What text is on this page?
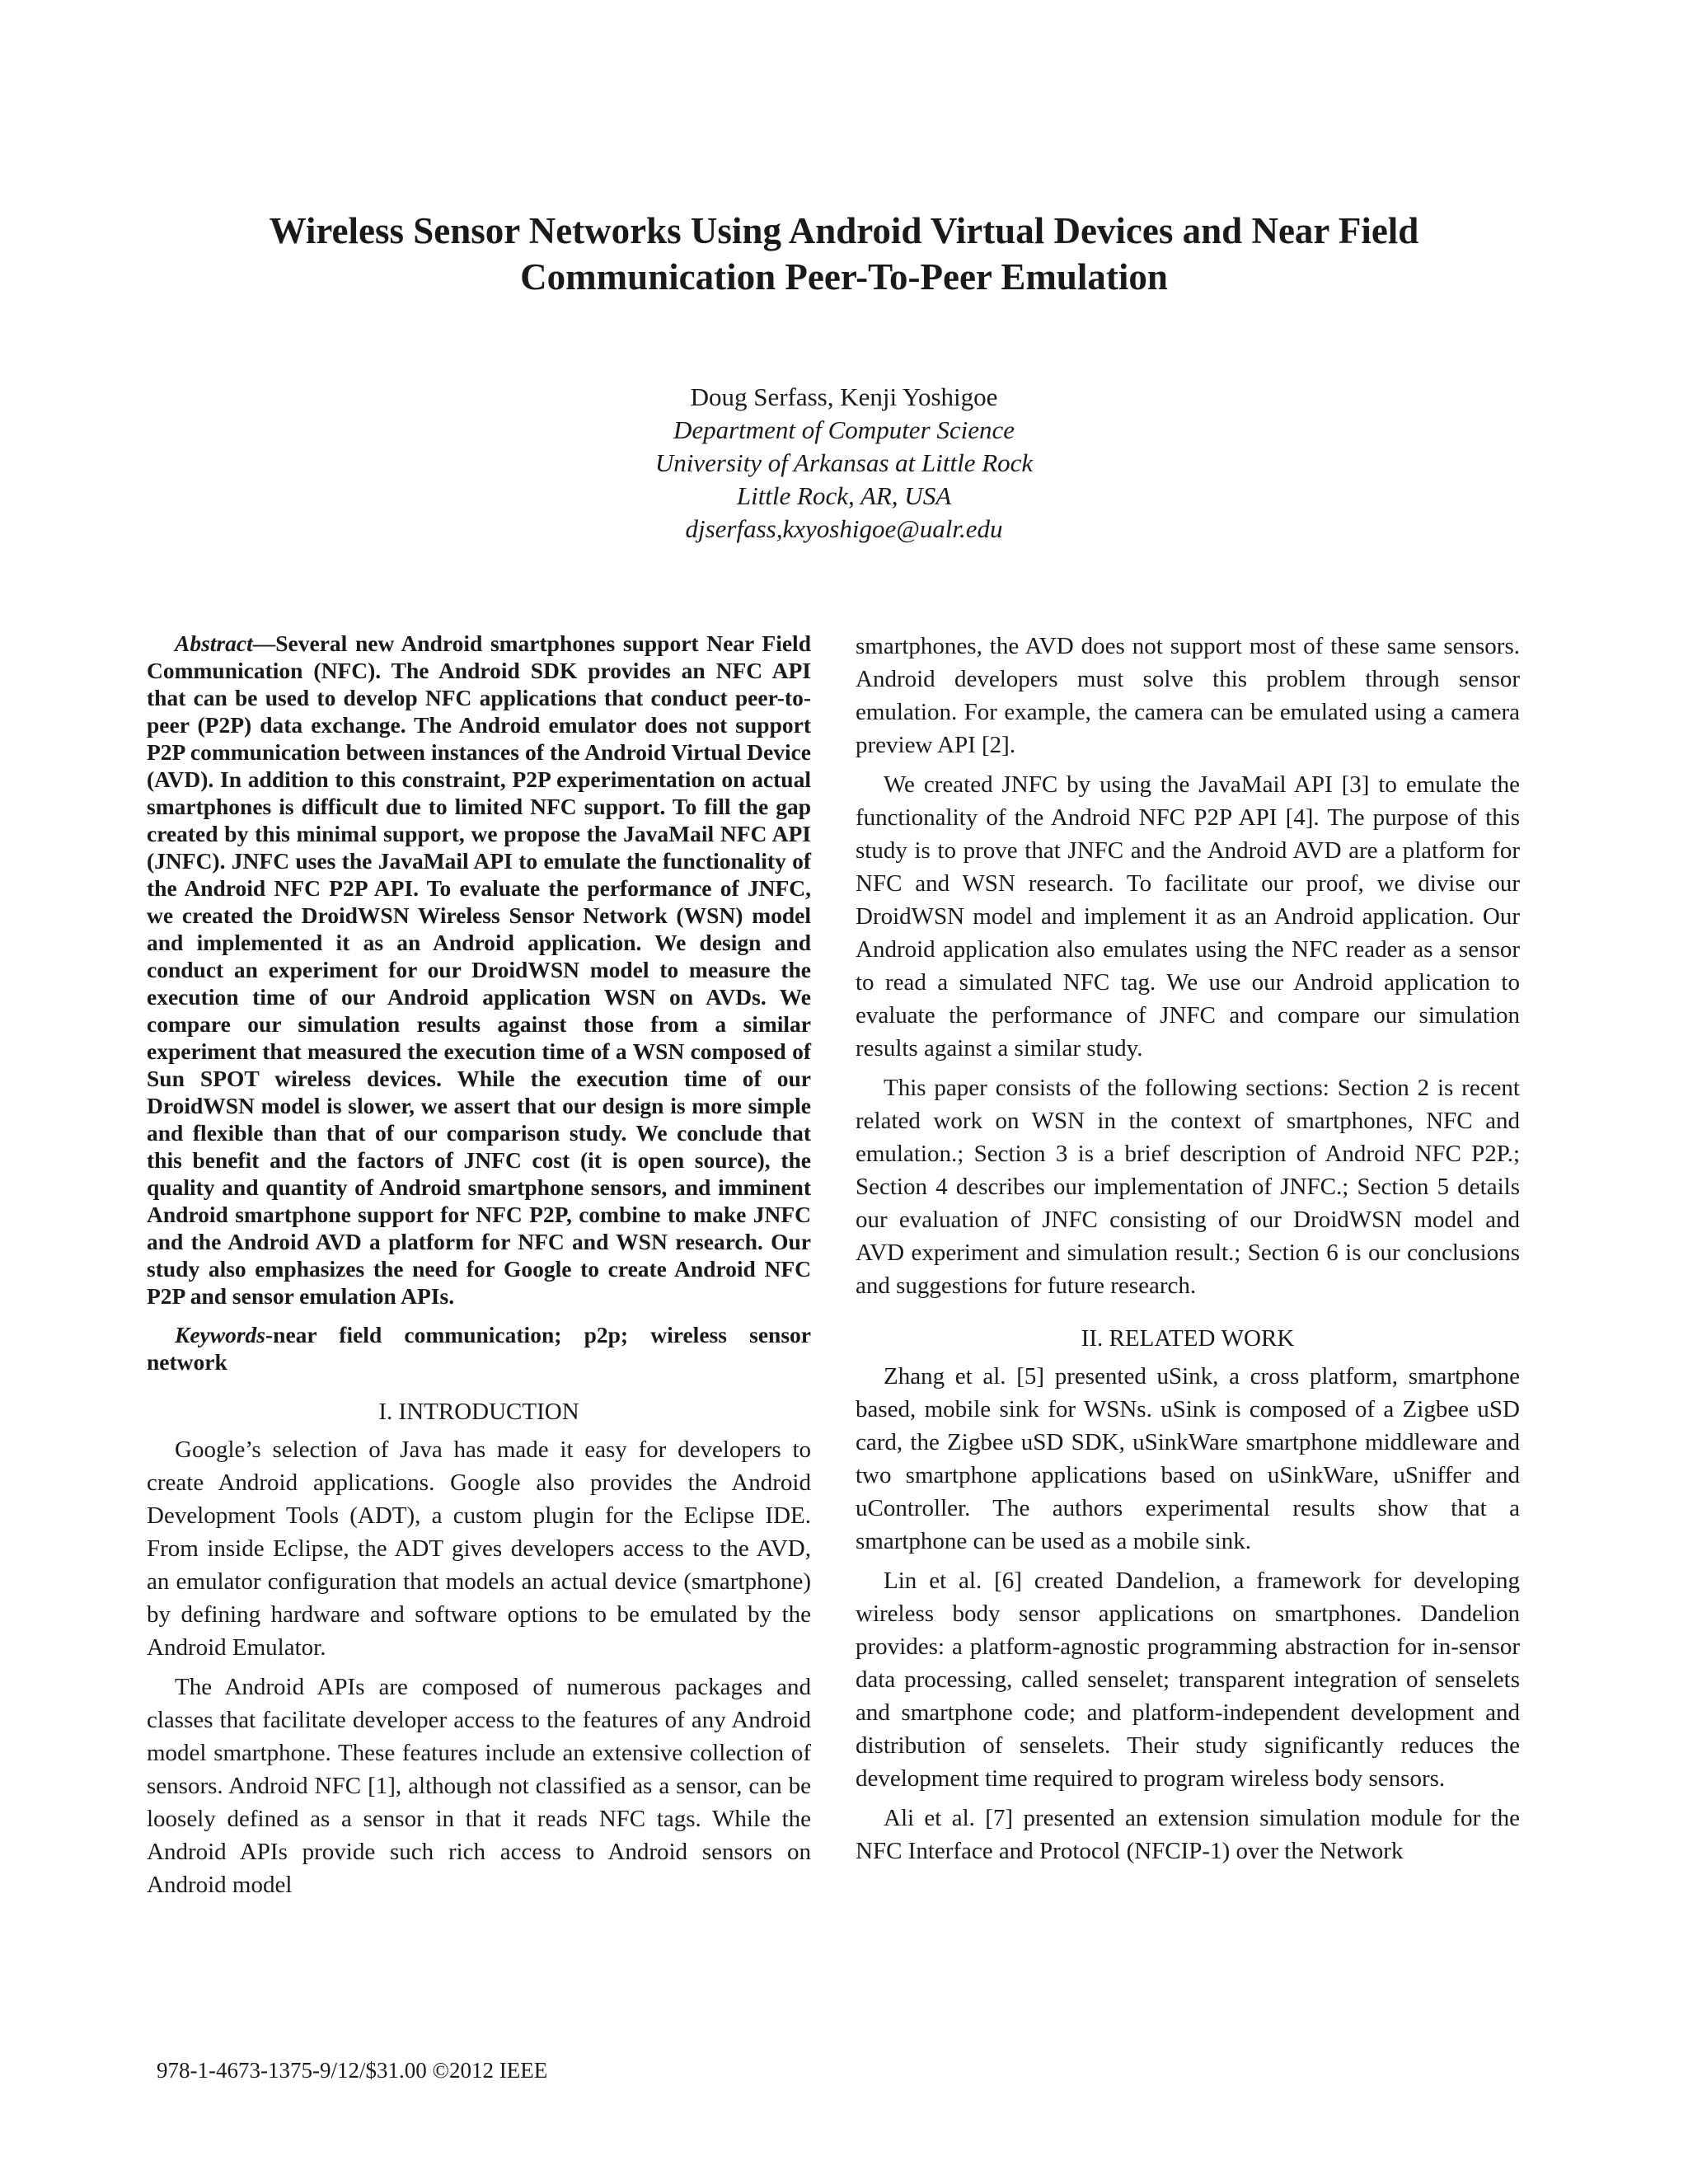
Wireless Sensor Networks Using Android Virtual Devices and Near Field
Communication Peer-To-Peer Emulation
Doug Serfass, Kenji Yoshigoe
Department of Computer Science
University of Arkansas at Little Rock
Little Rock, AR, USA
djserfass,kxyoshigoe@ualr.edu

Abstract—Several new Android smartphones support Near Field Communication (NFC). The Android SDK provides an NFC API that can be used to develop NFC applications that conduct peer-to-peer (P2P) data exchange. The Android emulator does not support P2P communication between instances of the Android Virtual Device (AVD). In addition to this constraint, P2P experimentation on actual smartphones is difficult due to limited NFC support. To fill the gap created by this minimal support, we propose the JavaMail NFC API (JNFC). JNFC uses the JavaMail API to emulate the functionality of the Android NFC P2P API. To evaluate the performance of JNFC, we created the DroidWSN Wireless Sensor Network (WSN) model and implemented it as an Android application. We design and conduct an experiment for our DroidWSN model to measure the execution time of our Android application WSN on AVDs. We compare our simulation results against those from a similar experiment that measured the execution time of a WSN composed of Sun SPOT wireless devices. While the execution time of our DroidWSN model is slower, we assert that our design is more simple and flexible than that of our comparison study. We conclude that this benefit and the factors of JNFC cost (it is open source), the quality and quantity of Android smartphone sensors, and imminent Android smartphone support for NFC P2P, combine to make JNFC and the Android AVD a platform for NFC and WSN research. Our study also emphasizes the need for Google to create Android NFC P2P and sensor emulation APIs.

Keywords-near field communication; p2p; wireless sensor network

I. INTRODUCTION

Google’s selection of Java has made it easy for developers to create Android applications. Google also provides the Android Development Tools (ADT), a custom plugin for the Eclipse IDE. From inside Eclipse, the ADT gives developers access to the AVD, an emulator configuration that models an actual device (smartphone) by defining hardware and software options to be emulated by the Android Emulator.

The Android APIs are composed of numerous packages and classes that facilitate developer access to the features of any Android model smartphone. These features include an extensive collection of sensors. Android NFC [1], although not classified as a sensor, can be loosely defined as a sensor in that it reads NFC tags. While the Android APIs provide such rich access to Android sensors on Android model

smartphones, the AVD does not support most of these same sensors. Android developers must solve this problem through sensor emulation. For example, the camera can be emulated using a camera preview API [2].

We created JNFC by using the JavaMail API [3] to emulate the functionality of the Android NFC P2P API [4]. The purpose of this study is to prove that JNFC and the Android AVD are a platform for NFC and WSN research. To facilitate our proof, we divise our DroidWSN model and implement it as an Android application. Our Android application also emulates using the NFC reader as a sensor to read a simulated NFC tag. We use our Android application to evaluate the performance of JNFC and compare our simulation results against a similar study.

This paper consists of the following sections: Section 2 is recent related work on WSN in the context of smartphones, NFC and emulation.; Section 3 is a brief description of Android NFC P2P.; Section 4 describes our implementation of JNFC.; Section 5 details our evaluation of JNFC consisting of our DroidWSN model and AVD experiment and simulation result.; Section 6 is our conclusions and suggestions for future research.

II. RELATED WORK

Zhang et al. [5] presented uSink, a cross platform, smartphone based, mobile sink for WSNs. uSink is composed of a Zigbee uSD card, the Zigbee uSD SDK, uSinkWare smartphone middleware and two smartphone applications based on uSinkWare, uSniffer and uController. The authors experimental results show that a smartphone can be used as a mobile sink.

Lin et al. [6] created Dandelion, a framework for developing wireless body sensor applications on smartphones. Dandelion provides: a platform-agnostic programming abstraction for in-sensor data processing, called senselet; transparent integration of senselets and smartphone code; and platform-independent development and distribution of senselets. Their study significantly reduces the development time required to program wireless body sensors.

Ali et al. [7] presented an extension simulation module for the NFC Interface and Protocol (NFCIP-1) over the Network

978-1-4673-1375-9/12/$31.00 ©2012 IEEE
